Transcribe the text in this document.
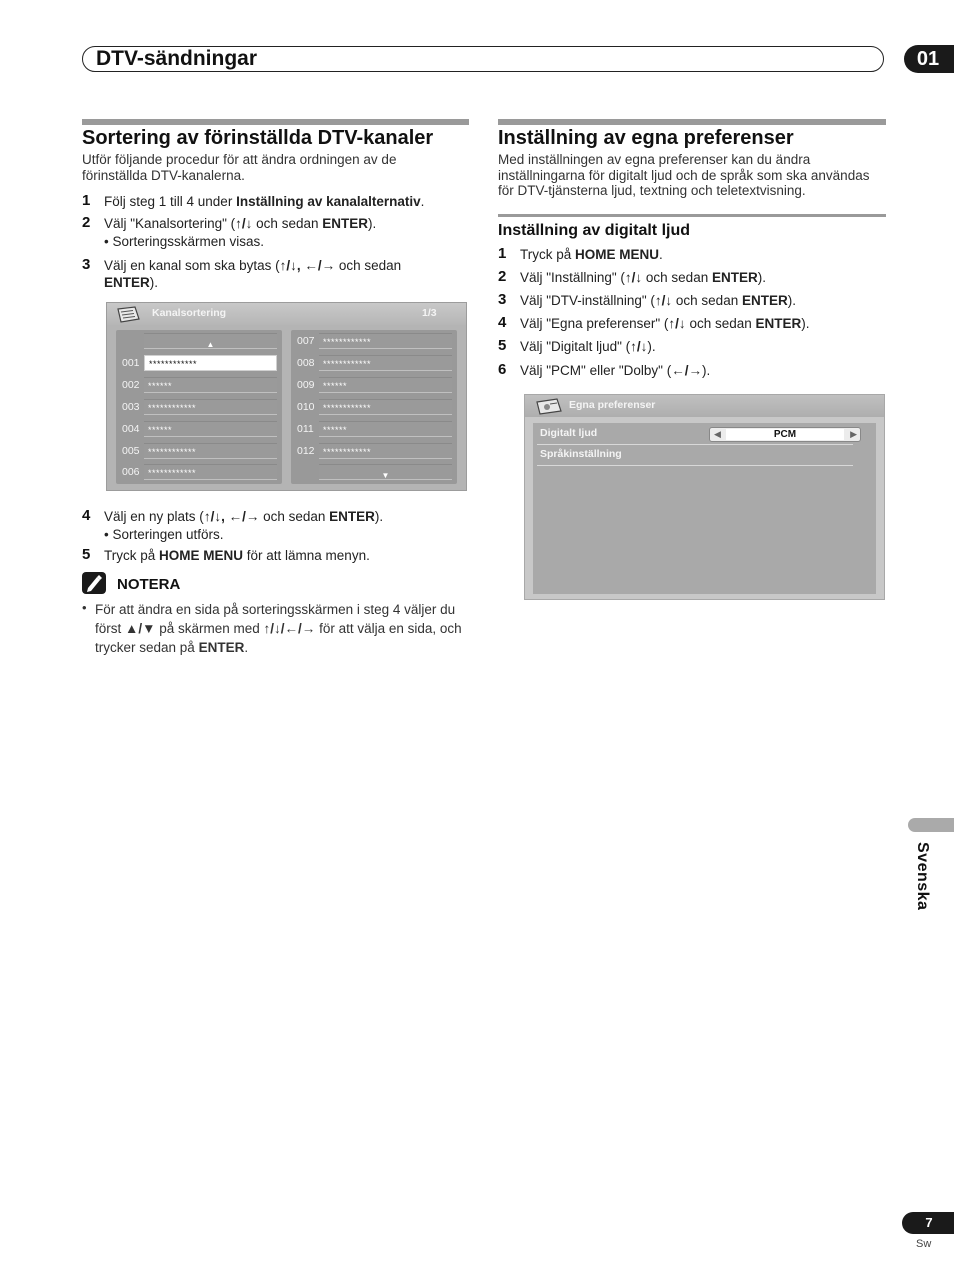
DTV-sändningar	01
Sortering av förinställda DTV-kanaler
Utför följande procedur för att ändra ordningen av de förinställda DTV-kanalerna.
1 Följ steg 1 till 4 under Inställning av kanalalternativ.
2 Välj "Kanalsortering" (↑/↓ och sedan ENTER).
• Sorteringsskärmen visas.
3 Välj en kanal som ska bytas (↑/↓, ←/→ och sedan
ENTER).
Kanalsortering	1/3
▲
001 ************
002 ******
003 ************
004 ******
005 ************
006 ************
007 ************
008 ************
009 ******
010 ************
011 ******
012 ************
▼
4 Välj en ny plats (↑/↓, ←/→ och sedan ENTER).
• Sorteringen utförs.
5 Tryck på HOME MENU för att lämna menyn.
NOTERA
• För att ändra en sida på sorteringsskärmen i steg 4 väljer du först ▲/▼ på skärmen med ↑/↓/←/→ för att välja en sida, och trycker sedan på ENTER.
Inställning av egna preferenser
Med inställningen av egna preferenser kan du ändra inställningarna för digitalt ljud och de språk som ska användas för DTV-tjänsterna ljud, textning och teletextvisning.
Inställning av digitalt ljud
1 Tryck på HOME MENU.
2 Välj "Inställning" (↑/↓ och sedan ENTER).
3 Välj "DTV-inställning" (↑/↓ och sedan ENTER).
4 Välj "Egna preferenser" (↑/↓ och sedan ENTER).
5 Välj "Digitalt ljud" (↑/↓).
6 Välj "PCM" eller "Dolby" (←/→).
Egna preferenser
Digitalt ljud	◀	PCM	▶
Språkinställning
Svenska
7
Sw
